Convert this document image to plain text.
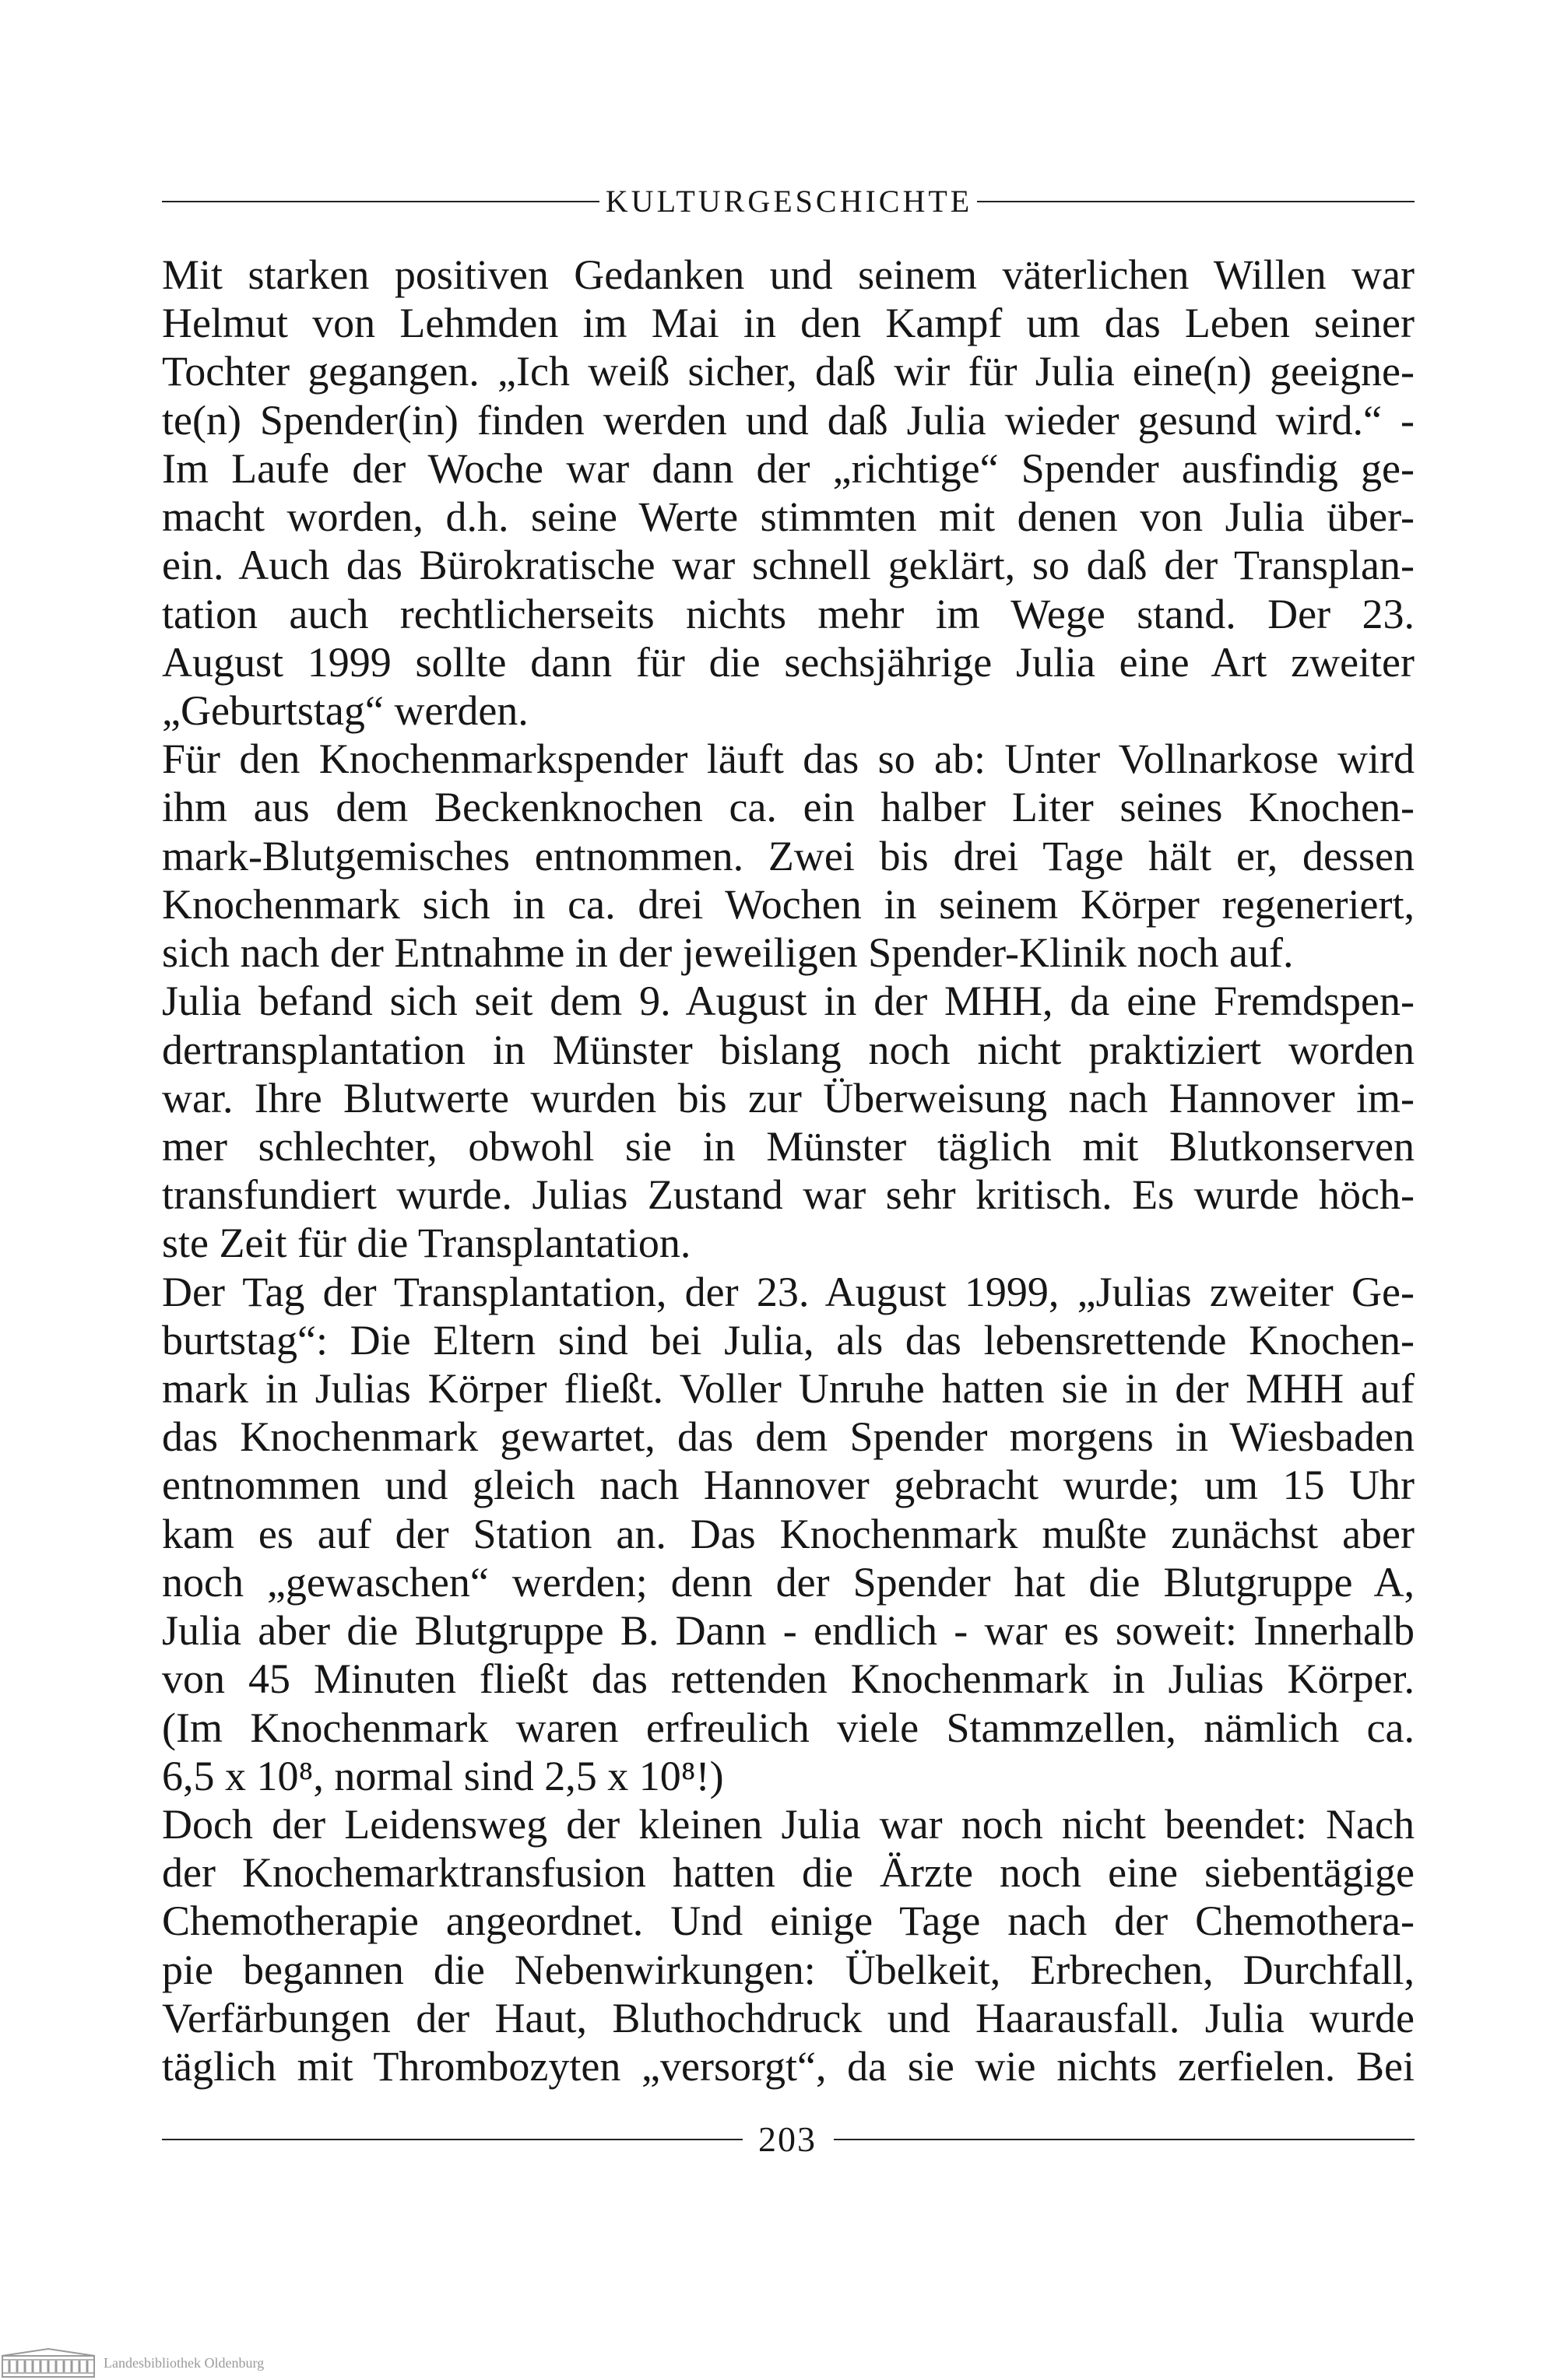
KULTURGESCHICHTE
Mit starken positiven Gedanken und seinem väterlichen Willen war
Helmut von Lehmden im Mai in den Kampf um das Leben seiner
Tochter gegangen. „Ich weiß sicher, daß wir für Julia eine(n) geeigne-
te(n) Spender(in) finden werden und daß Julia wieder gesund wird.“ -
Im Laufe der Woche war dann der „richtige“ Spender ausfindig ge-
macht worden, d.h. seine Werte stimmten mit denen von Julia über-
ein. Auch das Bürokratische war schnell geklärt, so daß der Transplan-
tation auch rechtlicherseits nichts mehr im Wege stand. Der 23.
August 1999 sollte dann für die sechsjährige Julia eine Art zweiter
„Geburtstag“ werden.
Für den Knochenmarkspender läuft das so ab: Unter Vollnarkose wird
ihm aus dem Beckenknochen ca. ein halber Liter seines Knochen-
mark-Blutgemisches entnommen. Zwei bis drei Tage hält er, dessen
Knochenmark sich in ca. drei Wochen in seinem Körper regeneriert,
sich nach der Entnahme in der jeweiligen Spender-Klinik noch auf.
Julia befand sich seit dem 9. August in der MHH, da eine Fremdspen-
dertransplantation in Münster bislang noch nicht praktiziert worden
war. Ihre Blutwerte wurden bis zur Überweisung nach Hannover im-
mer schlechter, obwohl sie in Münster täglich mit Blutkonserven
transfundiert wurde. Julias Zustand war sehr kritisch. Es wurde höch-
ste Zeit für die Transplantation.
Der Tag der Transplantation, der 23. August 1999, „Julias zweiter Ge-
burtstag“: Die Eltern sind bei Julia, als das lebensrettende Knochen-
mark in Julias Körper fließt. Voller Unruhe hatten sie in der MHH auf
das Knochenmark gewartet, das dem Spender morgens in Wiesbaden
entnommen und gleich nach Hannover gebracht wurde; um 15 Uhr
kam es auf der Station an. Das Knochenmark mußte zunächst aber
noch „gewaschen“ werden; denn der Spender hat die Blutgruppe A,
Julia aber die Blutgruppe B. Dann - endlich - war es soweit: Innerhalb
von 45 Minuten fließt das rettenden Knochenmark in Julias Körper.
(Im Knochenmark waren erfreulich viele Stammzellen, nämlich ca.
6,5 x 10⁸, normal sind 2,5 x 10⁸!)
Doch der Leidensweg der kleinen Julia war noch nicht beendet: Nach
der Knochemarktransfusion hatten die Ärzte noch eine siebentägige
Chemotherapie angeordnet. Und einige Tage nach der Chemothera-
pie begannen die Nebenwirkungen: Übelkeit, Erbrechen, Durchfall,
Verfärbungen der Haut, Bluthochdruck und Haarausfall. Julia wurde
täglich mit Thrombozyten „versorgt“, da sie wie nichts zerfielen. Bei
203
Landesbibliothek Oldenburg
